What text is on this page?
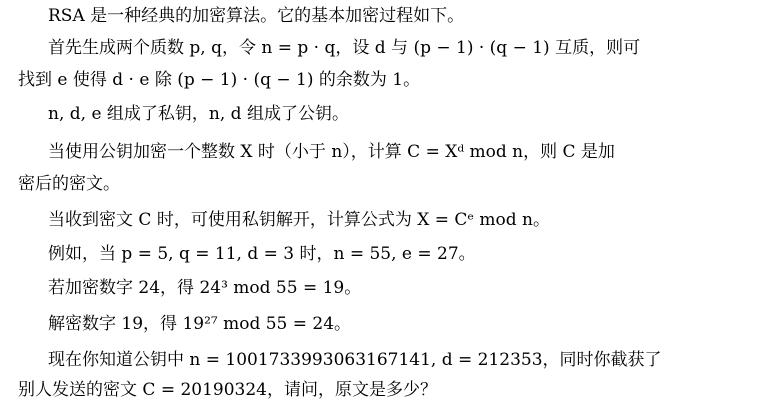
RSA 是一种经典的加密算法。它的基本加密过程如下。
首先生成两个质数 p, q，令 n = p · q，设 d 与 (p − 1) · (q − 1) 互质，则可
找到 e 使得 d · e 除 (p − 1) · (q − 1) 的余数为 1。
n, d, e 组成了私钥，n, d 组成了公钥。
当使用公钥加密一个整数 X 时（小于 n），计算 C = Xᵈ mod n，则 C 是加
密后的密文。
当收到密文 C 时，可使用私钥解开，计算公式为 X = Cᵉ mod n。
例如，当 p = 5, q = 11, d = 3 时，n = 55, e = 27。
若加密数字 24，得 24³ mod 55 = 19。
解密数字 19，得 19²⁷ mod 55 = 24。
现在你知道公钥中 n = 1001733993063167141, d = 212353，同时你截获了
别人发送的密文 C = 20190324，请问，原文是多少？
